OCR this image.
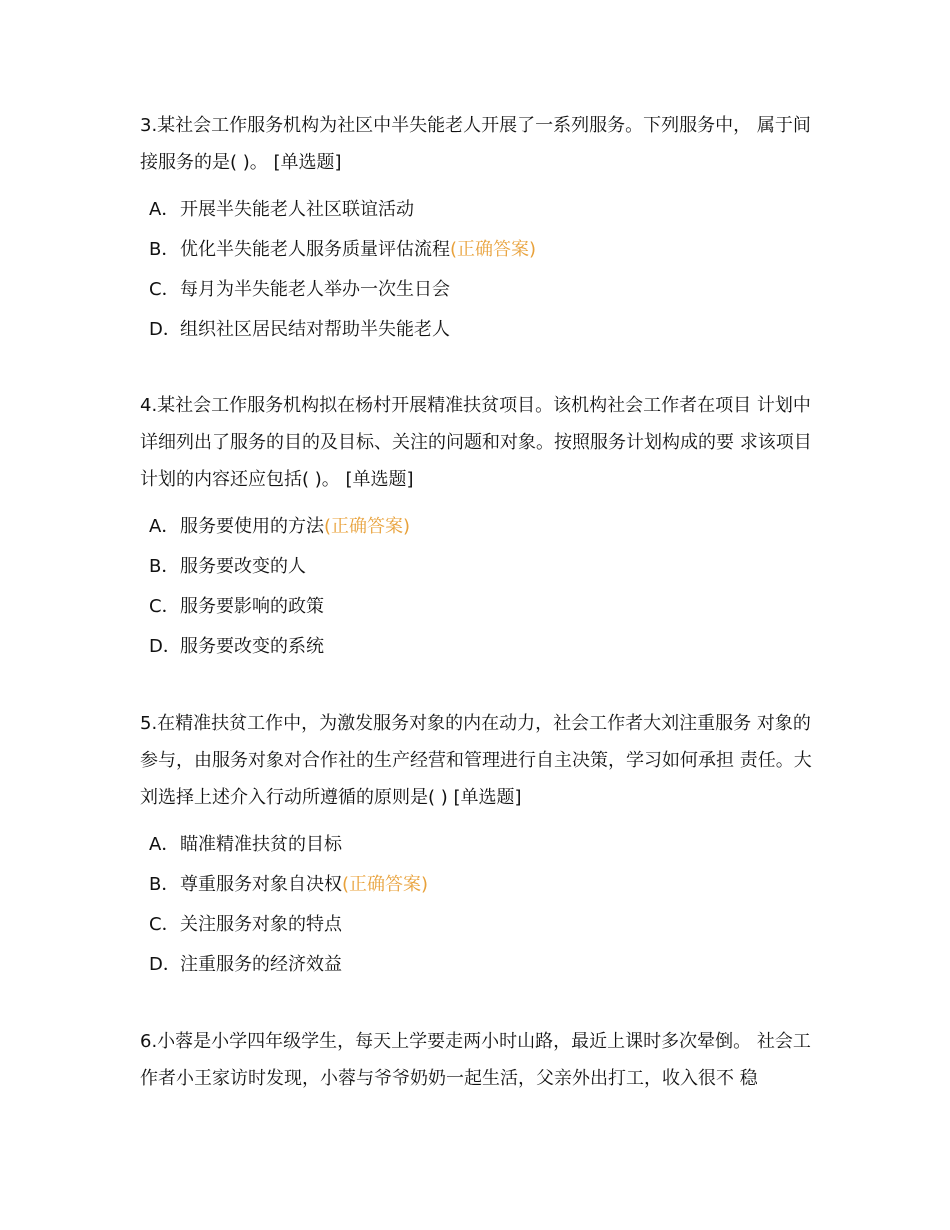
3.某社会工作服务机构为社区中半失能老人开展了一系列服务。下列服务中， 属于间接服务的是( )。 [单选题]

A．开展半失能老人社区联谊活动
B．优化半失能老人服务质量评估流程(正确答案)
C．每月为半失能老人举办一次生日会
D．组织社区居民结对帮助半失能老人

4.某社会工作服务机构拟在杨村开展精准扶贫项目。该机构社会工作者在项目 计划中详细列出了服务的目的及目标、关注的问题和对象。按照服务计划构成的要 求该项目计划的内容还应包括( )。 [单选题]

A．服务要使用的方法(正确答案)
B．服务要改变的人
C．服务要影响的政策
D．服务要改变的系统

5.在精准扶贫工作中，为激发服务对象的内在动力，社会工作者大刘注重服务 对象的参与，由服务对象对合作社的生产经营和管理进行自主决策，学习如何承担 责任。大刘选择上述介入行动所遵循的原则是( ) [单选题]

A．瞄准精准扶贫的目标
B．尊重服务对象自决权(正确答案)
C．关注服务对象的特点
D．注重服务的经济效益

6.小蓉是小学四年级学生，每天上学要走两小时山路，最近上课时多次晕倒。 社会工作者小王家访时发现，小蓉与爷爷奶奶一起生活，父亲外出打工，收入很不 稳
